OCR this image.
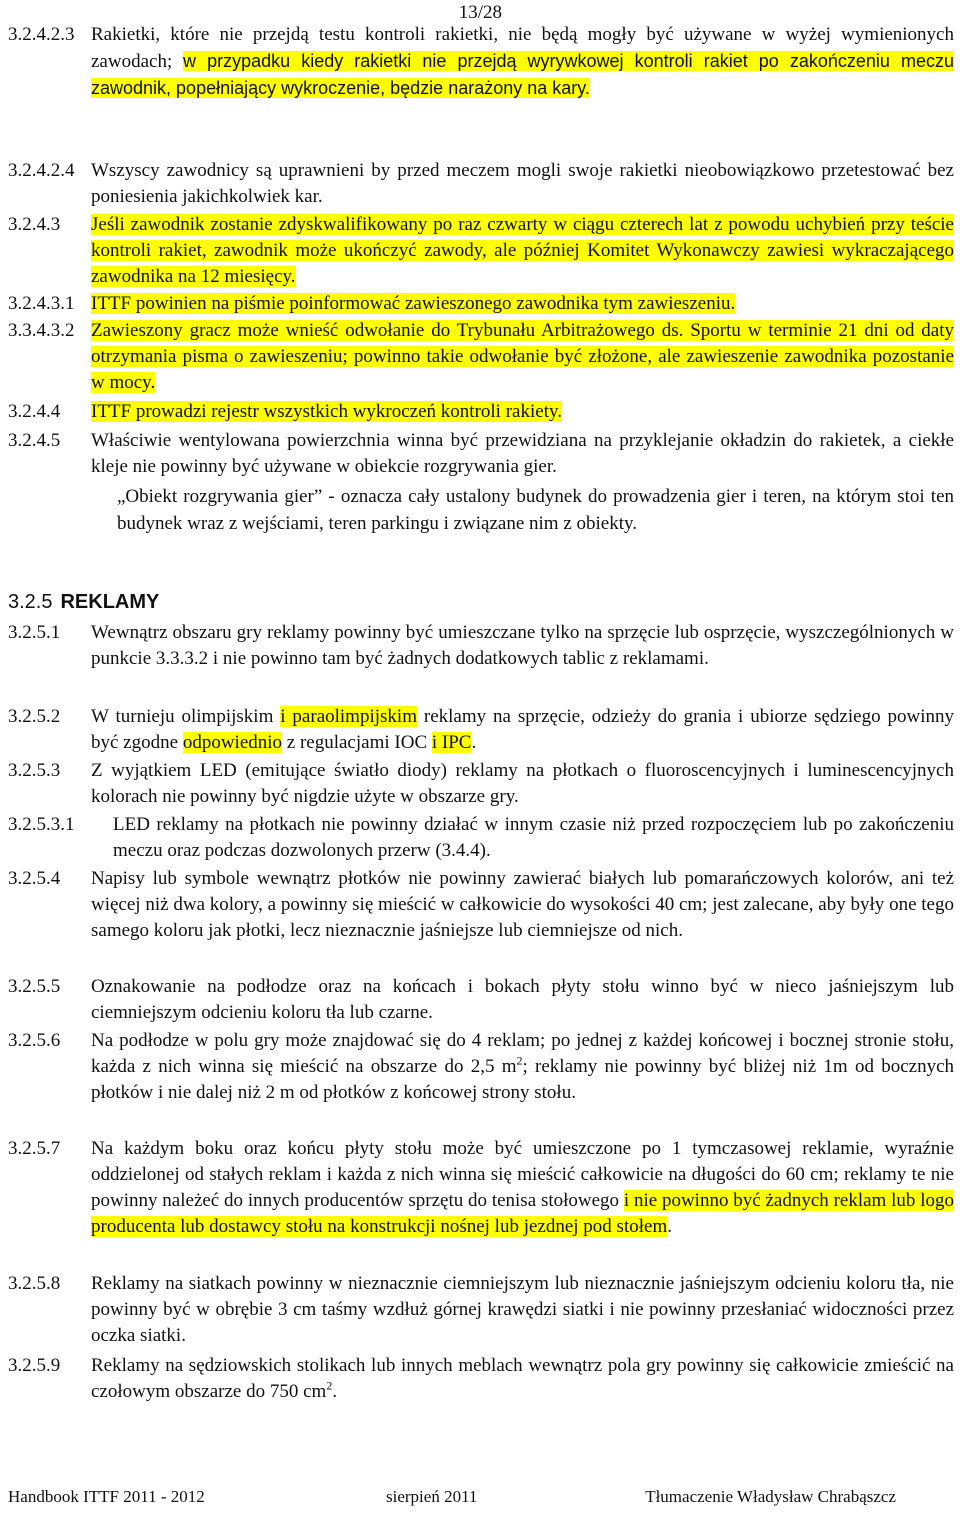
13/28
3.2.4.2.3 Rakietki, które nie przejdą testu kontroli rakietki, nie będą mogły być używane w wyżej wymienionych zawodach; w przypadku kiedy rakietki nie przejdą wyrywkowej kontroli rakiet po zakończeniu meczu zawodnik, popełniający wykroczenie, będzie narażony na kary.
3.2.4.2.4 Wszyscy zawodnicy są uprawnieni by przed meczem mogli swoje rakietki nieobowiązkowo przetestować bez poniesienia jakichkolwiek kar.
3.2.4.3 Jeśli zawodnik zostanie zdyskwalifikowany po raz czwarty w ciągu czterech lat z powodu uchybień przy teście kontroli rakiet, zawodnik może ukończyć zawody, ale później Komitet Wykonawczy zawiesi wykraczającego zawodnika na 12 miesięcy.
3.2.4.3.1 ITTF powinien na piśmie poinformować zawieszonego zawodnika tym zawieszeniu.
3.3.4.3.2 Zawieszony gracz może wnieść odwołanie do Trybunału Arbitrażowego ds. Sportu w terminie 21 dni od daty otrzymania pisma o zawieszeniu; powinno takie odwołanie być złożone, ale zawieszenie zawodnika pozostanie w mocy.
3.2.4.4 ITTF prowadzi rejestr wszystkich wykroczeń kontroli rakiety.
3.2.4.5 Właściwie wentylowana powierzchnia winna być przewidziana na przyklejanie okładzin do rakietek, a ciekłe kleje nie powinny być używane w obiekcie rozgrywania gier.
„Obiekt rozgrywania gier” - oznacza cały ustalony budynek do prowadzenia gier i teren, na którym stoi ten budynek wraz z wejściami, teren parkingu i związane nim z obiekty.
3.2.5 REKLAMY
3.2.5.1 Wewnątrz obszaru gry reklamy powinny być umieszczane tylko na sprzęcie lub osprzęcie, wyszczególnionych w punkcie 3.3.3.2 i nie powinno tam być żadnych dodatkowych tablic z reklamami.
3.2.5.2 W turnieju olimpijskim i paraolimpijskim reklamy na sprzęcie, odzieży do grania i ubiorze sędziego powinny być zgodne odpowiednio z regulacjami IOC i IPC.
3.2.5.3 Z wyjątkiem LED (emitujące światło diody) reklamy na płotkach o fluoroscencyjnych i luminescencyjnych kolorach nie powinny być nigdzie użyte w obszarze gry.
3.2.5.3.1 LED reklamy na płotkach nie powinny działać w innym czasie niż przed rozpoczęciem lub po zakończeniu meczu oraz podczas dozwolonych przerw (3.4.4).
3.2.5.4 Napisy lub symbole wewnątrz płotków nie powinny zawierać białych lub pomarańczowych kolorów, ani też więcej niż dwa kolory, a powinny się mieścić w całkowicie do wysokości 40 cm; jest zalecane, aby były one tego samego koloru jak płotki, lecz nieznacznie jaśniejsze lub ciemniejsze od nich.
3.2.5.5 Oznakowanie na podłodze oraz na końcach i bokach płyty stołu winno być w nieco jaśniejszym lub ciemniejszym odcieniu koloru tła lub czarne.
3.2.5.6 Na podłodze w polu gry może znajdować się do 4 reklam; po jednej z każdej końcowej i bocznej stronie stołu, każda z nich winna się mieścić na obszarze do 2,5 $m^2$; reklamy nie powinny być bliżej niż 1m od bocznych płotków i nie dalej niż 2 m od płotków z końcowej strony stołu.
3.2.5.7 Na każdym boku oraz końcu płyty stołu może być umieszczone po 1 tymczasowej reklamie, wyraźnie oddzielonej od stałych reklam i każda z nich winna się mieścić całkowicie na długości do 60 cm; reklamy te nie powinny należeć do innych producentów sprzętu do tenisa stołowego i nie powinno być żadnych reklam lub logo producenta lub dostawcy stołu na konstrukcji nośnej lub jezdnej pod stołem.
3.2.5.8 Reklamy na siatkach powinny w nieznacznie ciemniejszym lub nieznacznie jaśniejszym odcieniu koloru tła, nie powinny być w obrębie 3 cm taśmy wzdłuż górnej krawędzi siatki i nie powinny przesłaniać widoczności przez oczka siatki.
3.2.5.9 Reklamy na sędziowskich stolikach lub innych meblach wewnątrz pola gry powinny się całkowicie zmieścić na czołowym obszarze do 750 $cm^2$.
Handbook ITTF 2011 - 2012	sierpień 2011	Tłumaczenie Władysław Chrabąszcz
